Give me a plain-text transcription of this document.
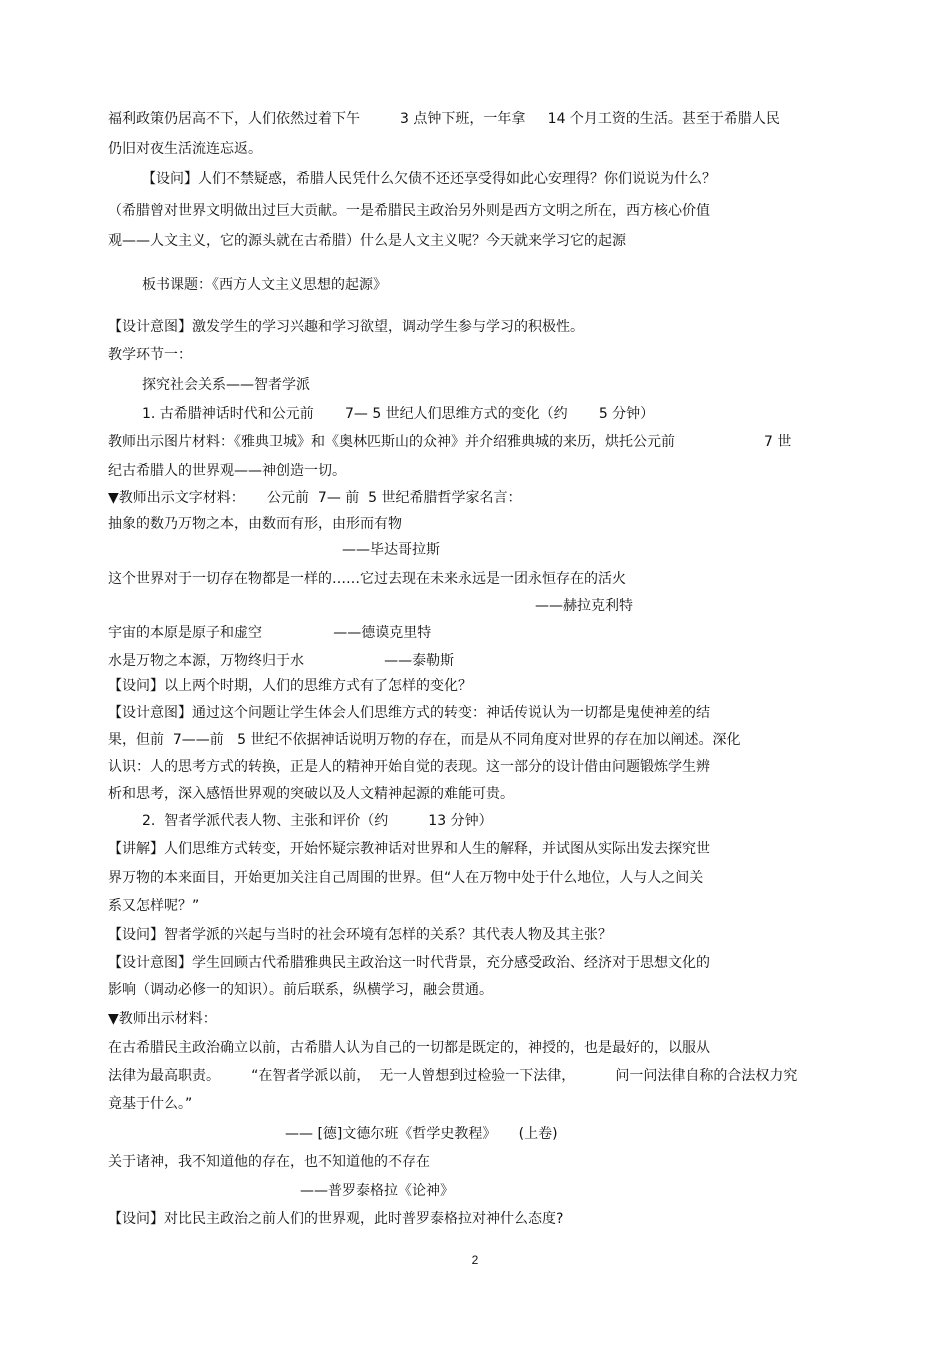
福利政策仍居高不下，人们依然过着下午         3 点钟下班，一年拿     14 个月工资的生活。甚至于希腊人民
仍旧对夜生活流连忘返。
【设问】人们不禁疑惑，希腊人民凭什么欠债不还还享受得如此心安理得？你们说说为什么？
（希腊曾对世界文明做出过巨大贡献。一是希腊民主政治另外则是西方文明之所在，西方核心价值
观——人文主义，它的源头就在古希腊）什么是人文主义呢？今天就来学习它的起源
板书课题：《西方人文主义思想的起源》
【设计意图】激发学生的学习兴趣和学习欲望，调动学生参与学习的积极性。
教学环节一：
探究社会关系——智者学派
1. 古希腊神话时代和公元前       7— 5 世纪人们思维方式的变化（约       5 分钟）
教师出示图片材料：《雅典卫城》和《奥林匹斯山的众神》并介绍雅典城的来历，烘托公元前                    7 世
纪古希腊人的世界观——神创造一切。
▼教师出示文字材料：     公元前  7— 前  5 世纪希腊哲学家名言：
抽象的数乃万物之本，由数而有形，由形而有物
——毕达哥拉斯
这个世界对于一切存在物都是一样的……它过去现在未来永远是一团永恒存在的活火
——赫拉克利特
宇宙的本原是原子和虚空                ——德谟克里特
水是万物之本源，万物终归于水                  ——泰勒斯
【设问】以上两个时期，人们的思维方式有了怎样的变化？
【设计意图】通过这个问题让学生体会人们思维方式的转变：神话传说认为一切都是鬼使神差的结
果，但前  7——前   5 世纪不依据神话说明万物的存在，而是从不同角度对世界的存在加以阐述。深化
认识：人的思考方式的转换，正是人的精神开始自觉的表现。这一部分的设计借由问题锻炼学生辨
析和思考，深入感悟世界观的突破以及人文精神起源的难能可贵。
2.  智者学派代表人物、主张和评价（约         13 分钟）
【讲解】人们思维方式转变，开始怀疑宗教神话对世界和人生的解释，并试图从实际出发去探究世
界万物的本来面目，开始更加关注自己周围的世界。但“人在万物中处于什么地位，人与人之间关
系又怎样呢？”
【设问】智者学派的兴起与当时的社会环境有怎样的关系？其代表人物及其主张？
【设计意图】学生回顾古代希腊雅典民主政治这一时代背景，充分感受政治、经济对于思想文化的
影响（调动必修一的知识）。前后联系，纵横学习，融会贯通。
▼教师出示材料：
在古希腊民主政治确立以前，古希腊人认为自己的一切都是既定的，神授的，也是最好的，以服从
法律为最高职责。       “在智者学派以前，  无一人曾想到过检验一下法律，         问一问法律自称的合法权力究
竟基于什么。”
—— [德]文德尔班《哲学史教程》     (上卷)
关于诸神，我不知道他的存在，也不知道他的不存在
——普罗泰格拉《论神》
【设问】对比民主政治之前人们的世界观，此时普罗泰格拉对神什么态度?
2
